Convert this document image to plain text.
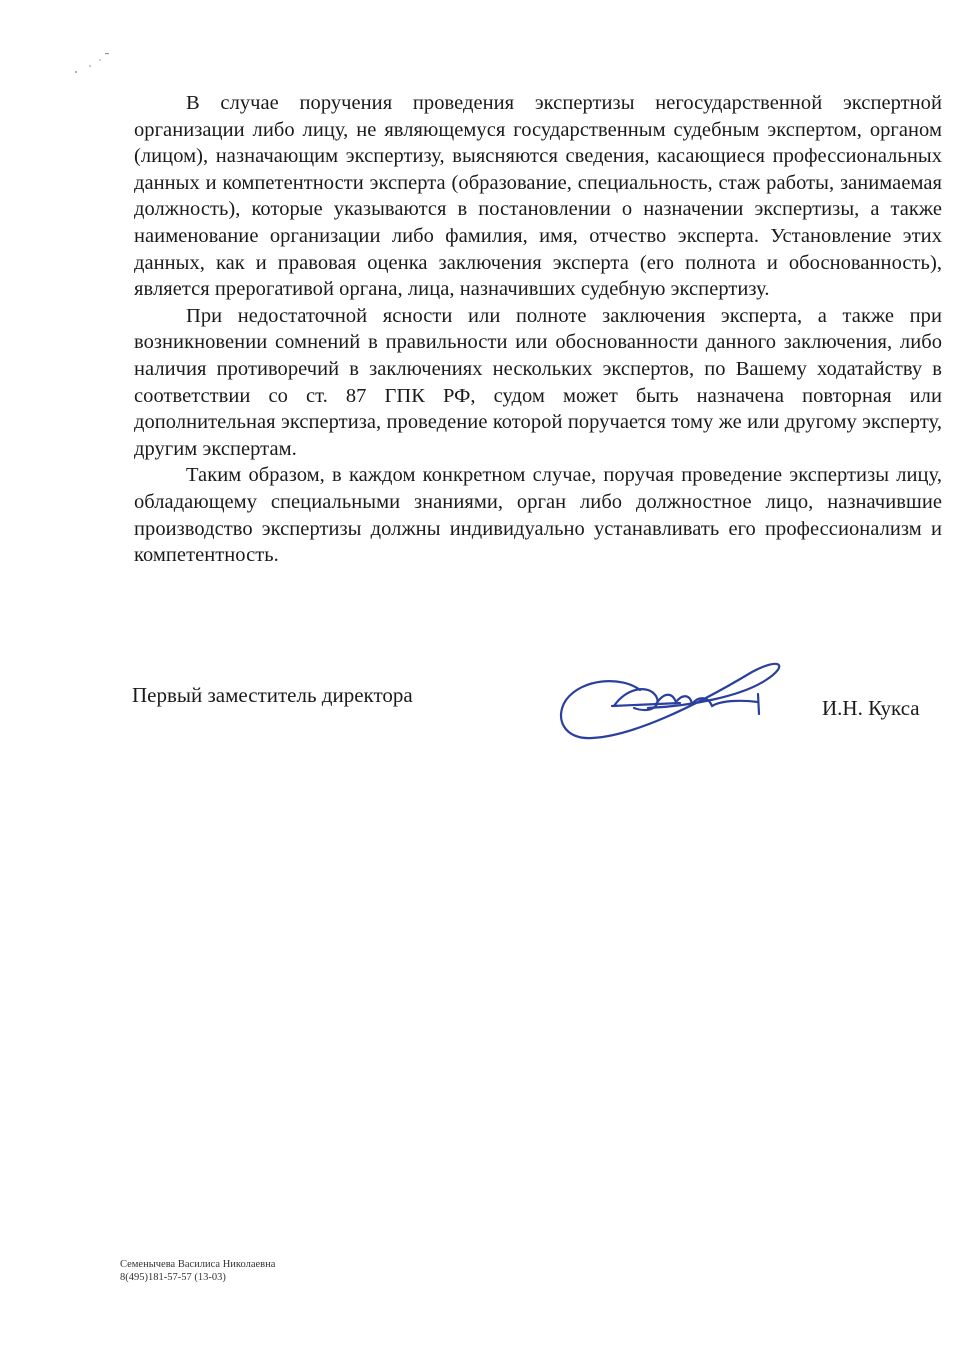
В случае поручения проведения экспертизы негосударственной экспертной организации либо лицу, не являющемуся государственным судебным экспертом, органом (лицом), назначающим экспертизу, выясняются сведения, касающиеся профессиональных данных и компетентности эксперта (образование, специальность, стаж работы, занимаемая должность), которые указываются в постановлении о назначении экспертизы, а также наименование организации либо фамилия, имя, отчество эксперта. Установление этих данных, как и правовая оценка заключения эксперта (его полнота и обоснованность), является прерогативой органа, лица, назначивших судебную экспертизу.

При недостаточной ясности или полноте заключения эксперта, а также при возникновении сомнений в правильности или обоснованности данного заключения, либо наличия противоречий в заключениях нескольких экспертов, по Вашему ходатайству в соответствии со ст. 87 ГПК РФ, судом может быть назначена повторная или дополнительная экспертиза, проведение которой поручается тому же или другому эксперту, другим экспертам.

Таким образом, в каждом конкретном случае, поручая проведение экспертизы лицу, обладающему специальными знаниями, орган либо должностное лицо, назначившие производство экспертизы должны индивидуально устанавливать его профессионализм и компетентность.

Первый заместитель директора
И.Н. Кукса
Семенычева Василиса Николаевна
8(495)181-57-57 (13-03)
